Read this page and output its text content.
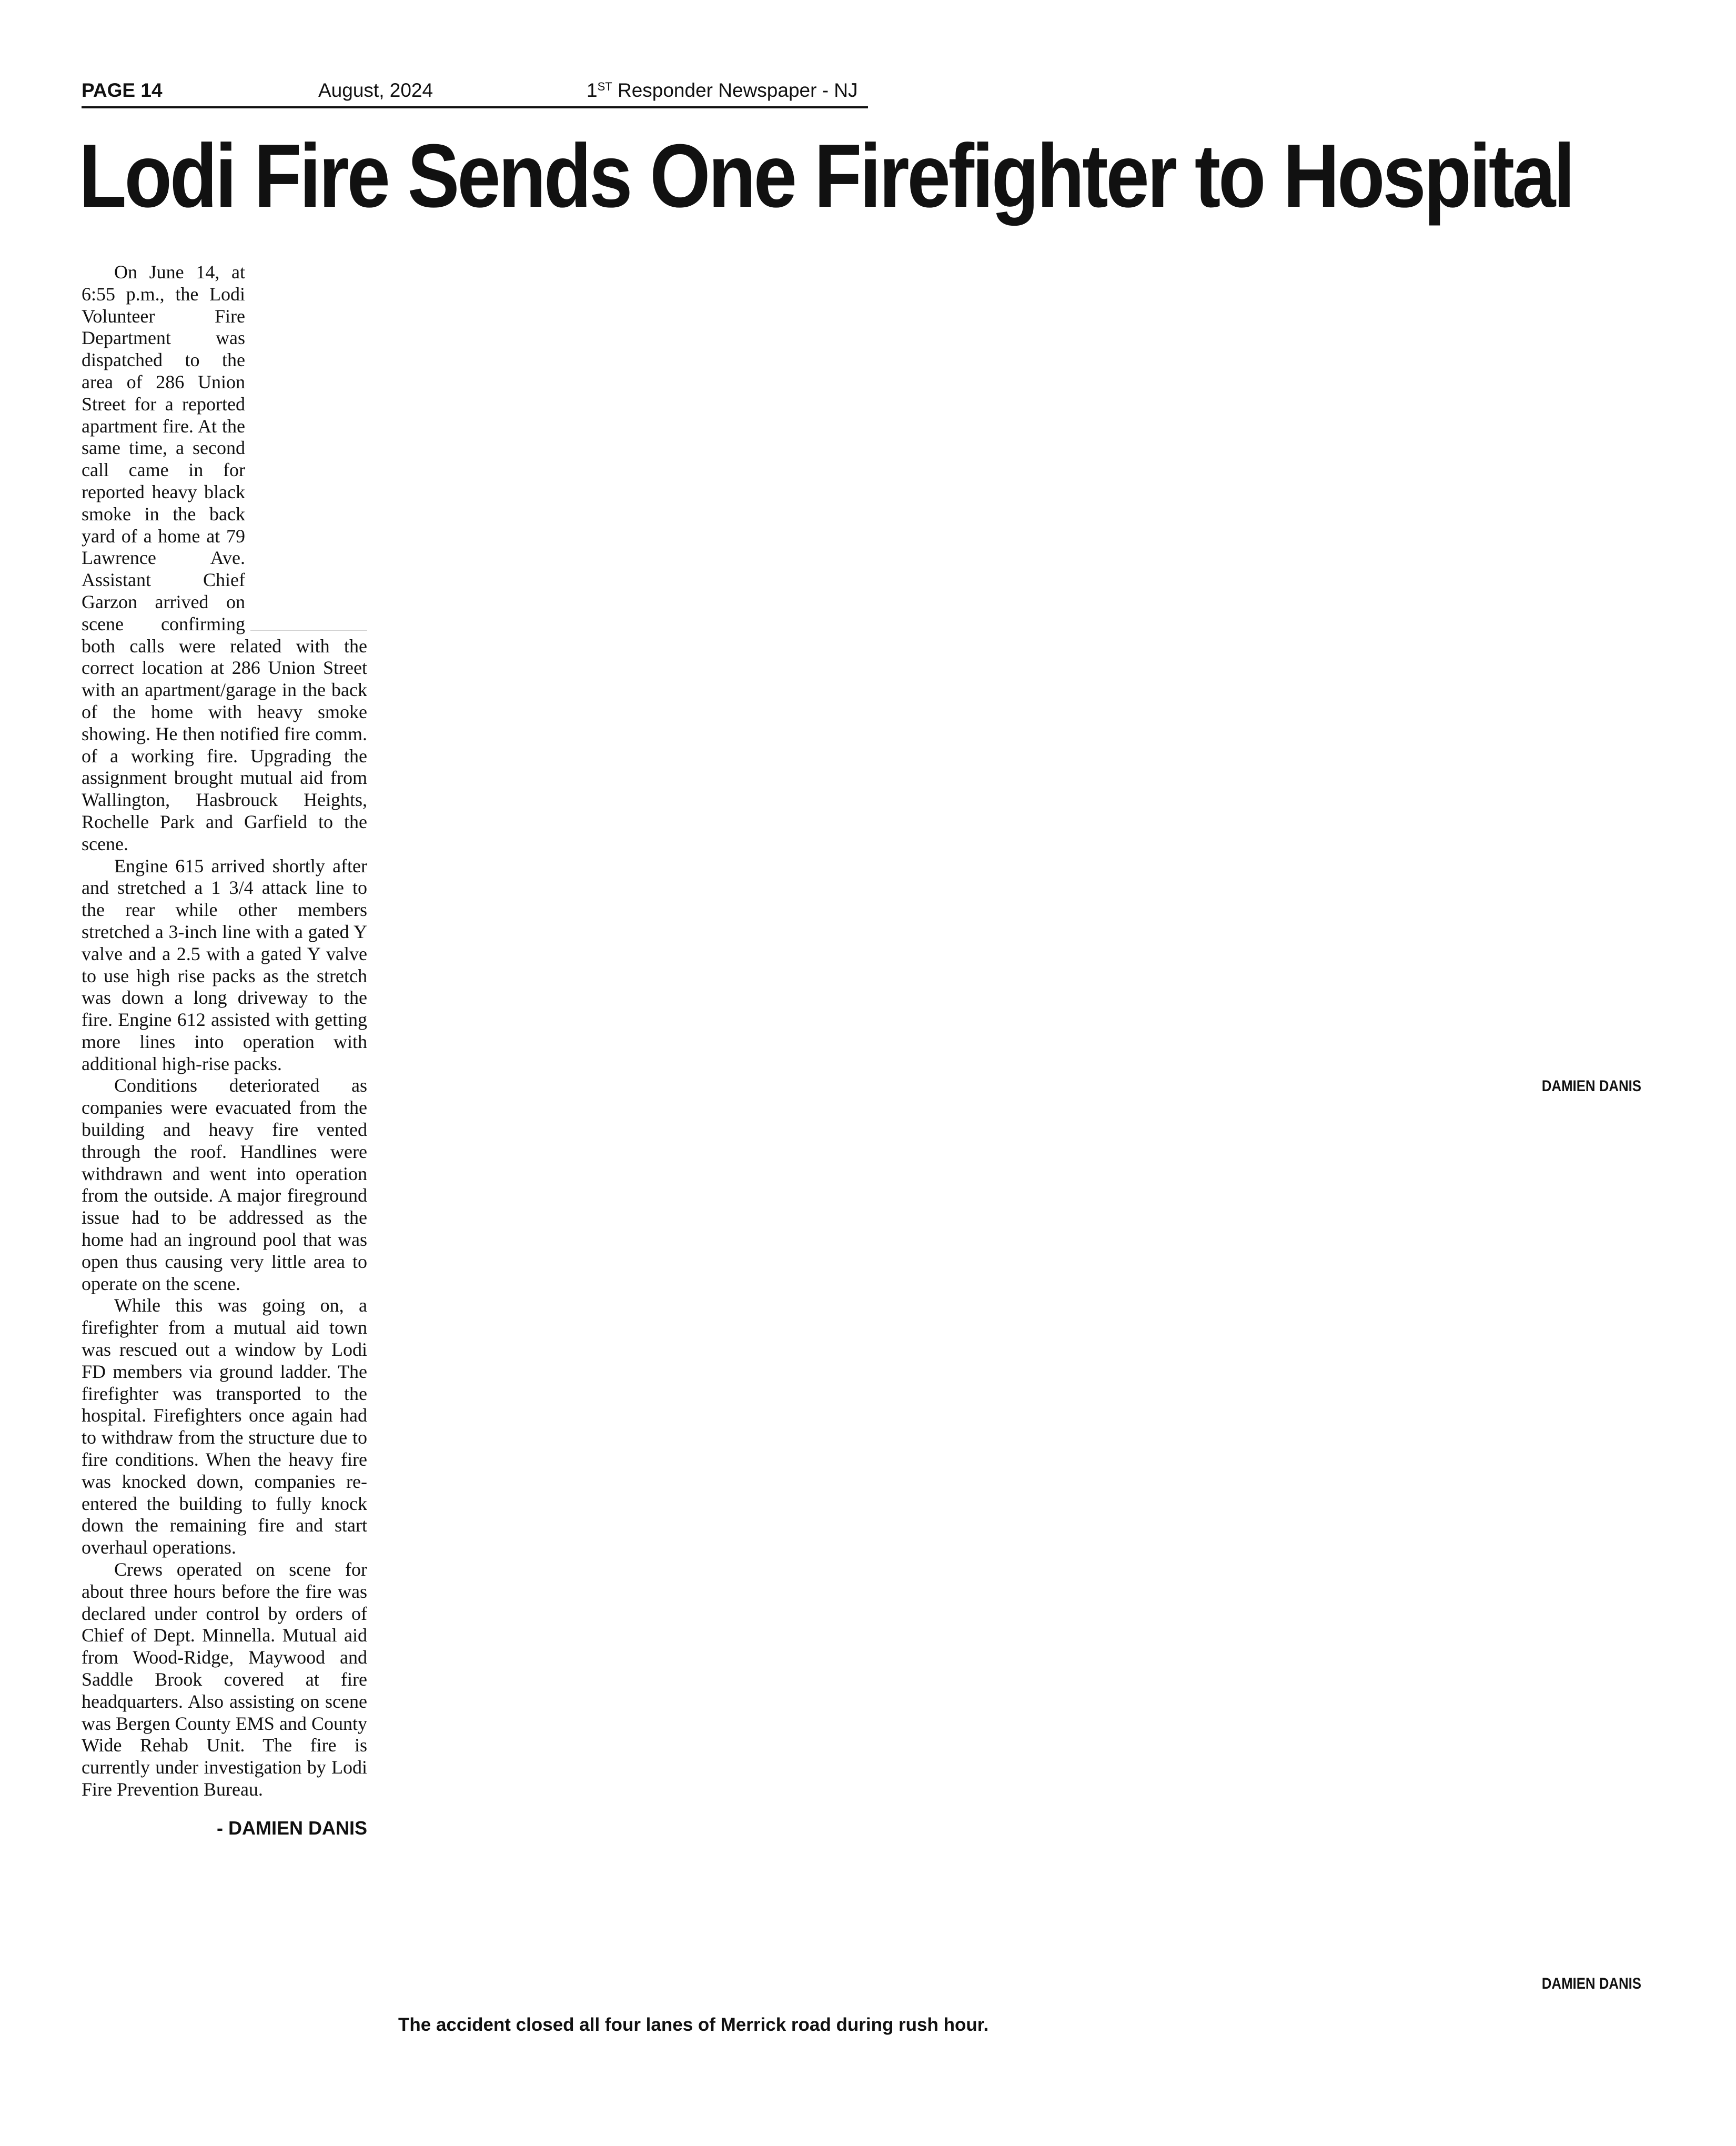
PAGE 14	August, 2024	1ST Responder Newspaper - NJ
Lodi Fire Sends One Firefighter to Hospital

On June 14, at 6:55 p.m., the Lodi Volunteer Fire Department was dispatched to the area of 286 Union Street for a reported apartment fire. At the same time, a second call came in for reported heavy black smoke in the back yard of a home at 79 Lawrence Ave. Assistant Chief Garzon arrived on scene confirming both calls were related with the correct location at 286 Union Street with an apartment/garage in the back of the home with heavy smoke showing. He then notified fire comm. of a working fire. Upgrading the assignment brought mutual aid from Wallington, Hasbrouck Heights, Rochelle Park and Garfield to the scene.

Engine 615 arrived shortly after and stretched a 1 3/4 attack line to the rear while other members stretched a 3-inch line with a gated Y valve and a 2.5 with a gated Y valve to use high rise packs as the stretch was down a long driveway to the fire. Engine 612 assisted with getting more lines into operation with additional high-rise packs.

Conditions deteriorated as companies were evacuated from the building and heavy fire vented through the roof. Handlines were withdrawn and went into operation from the outside. A major fireground issue had to be addressed as the home had an inground pool that was open thus causing very little area to operate on the scene.

While this was going on, a firefighter from a mutual aid town was rescued out a window by Lodi FD members via ground ladder. The firefighter was transported to the hospital. Firefighters once again had to withdraw from the structure due to fire conditions. When the heavy fire was knocked down, companies re-entered the building to fully knock down the remaining fire and start overhaul operations.

Crews operated on scene for about three hours before the fire was declared under control by orders of Chief of Dept. Minnella. Mutual aid from Wood-Ridge, Maywood and Saddle Brook covered at fire headquarters. Also assisting on scene was Bergen County EMS and County Wide Rehab Unit. The fire is currently under investigation by Lodi Fire Prevention Bureau.

- DAMIEN DANIS
DAMIEN DANIS
DAMIEN DANIS
The accident closed all four lanes of Merrick road during rush hour.
